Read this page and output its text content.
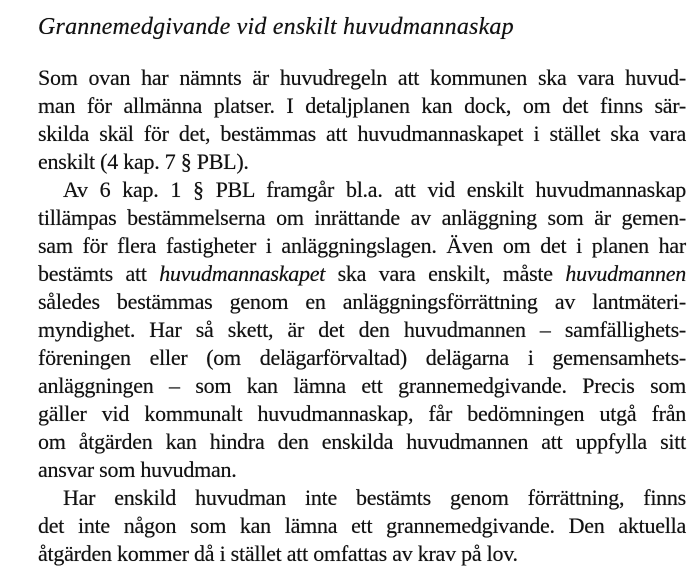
Grannemedgivande vid enskilt huvudmannaskap
Som ovan har nämnts är huvudregeln att kommunen ska vara huvud-
man för allmänna platser. I detaljplanen kan dock, om det finns sär-
skilda skäl för det, bestämmas att huvudmannaskapet i stället ska vara
enskilt (4 kap. 7 § PBL).
Av 6 kap. 1 § PBL framgår bl.a. att vid enskilt huvudmannaskap
tillämpas bestämmelserna om inrättande av anläggning som är gemen-
sam för flera fastigheter i anläggningslagen. Även om det i planen har
bestämts att huvudmannaskapet ska vara enskilt, måste huvudmannen
således bestämmas genom en anläggningsförrättning av lantmäteri-
myndighet. Har så skett, är det den huvudmannen – samfällighets-
föreningen eller (om delägarförvaltad) delägarna i gemensamhets-
anläggningen – som kan lämna ett grannemedgivande. Precis som
gäller vid kommunalt huvudmannaskap, får bedömningen utgå från
om åtgärden kan hindra den enskilda huvudmannen att uppfylla sitt
ansvar som huvudman.
Har enskild huvudman inte bestämts genom förrättning, finns
det inte någon som kan lämna ett grannemedgivande. Den aktuella
åtgärden kommer då i stället att omfattas av krav på lov.
